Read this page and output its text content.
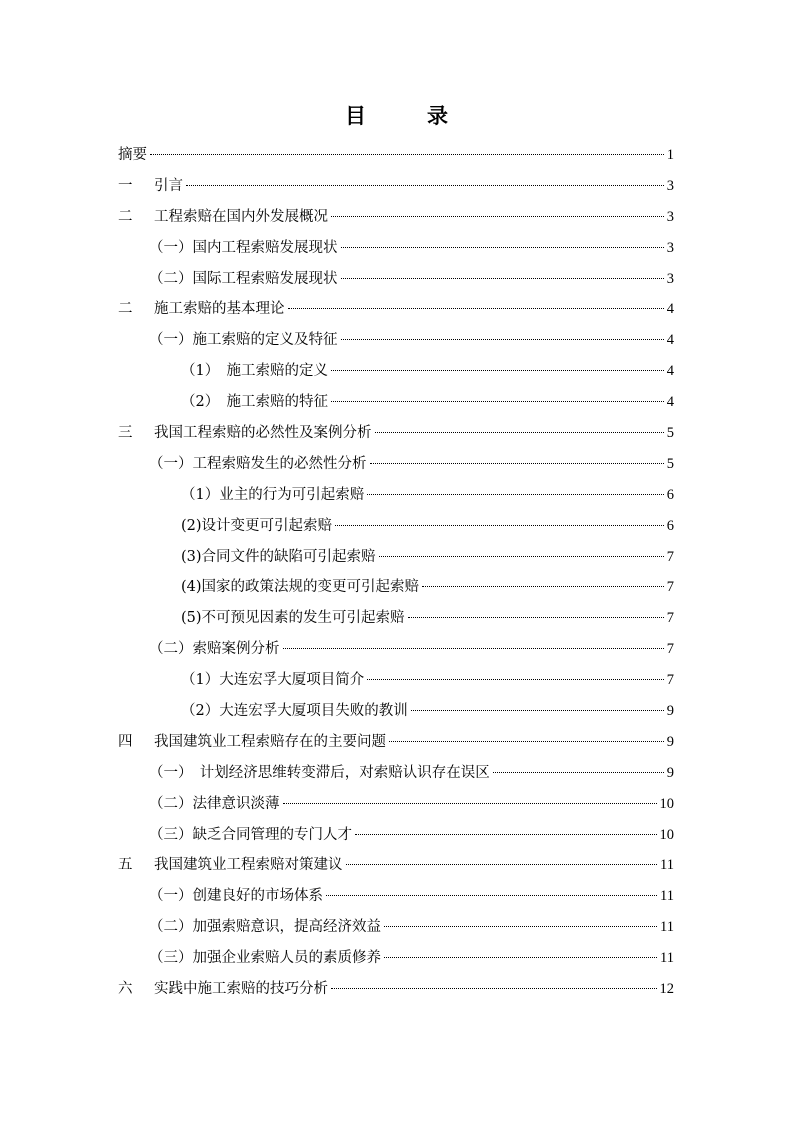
目　录
摘要	1
一	引言	3
二	工程索赔在国内外发展概况	3
（一）国内工程索赔发展现状	3
（二）国际工程索赔发展现状	3
二	施工索赔的基本理论	4
（一）施工索赔的定义及特征	4
（1）　施工索赔的定义	4
（2）　施工索赔的特征	4
三	我国工程索赔的必然性及案例分析	5
（一）工程索赔发生的必然性分析	5
（1）业主的行为可引起索赔	6
(2)设计变更可引起索赔	6
(3)合同文件的缺陷可引起索赔	7
(4)国家的政策法规的变更可引起索赔	7
(5)不可预见因素的发生可引起索赔	7
（二）索赔案例分析	7
（1）大连宏孚大厦项目简介	7
（2）大连宏孚大厦项目失败的教训	9
四	我国建筑业工程索赔存在的主要问题	9
（一）　计划经济思维转变滞后，对索赔认识存在误区	9
（二）法律意识淡薄	10
（三）缺乏合同管理的专门人才	10
五	我国建筑业工程索赔对策建议	11
（一）创建良好的市场体系	11
（二）加强索赔意识，提高经济效益	11
（三）加强企业索赔人员的素质修养	11
六	实践中施工索赔的技巧分析	12
